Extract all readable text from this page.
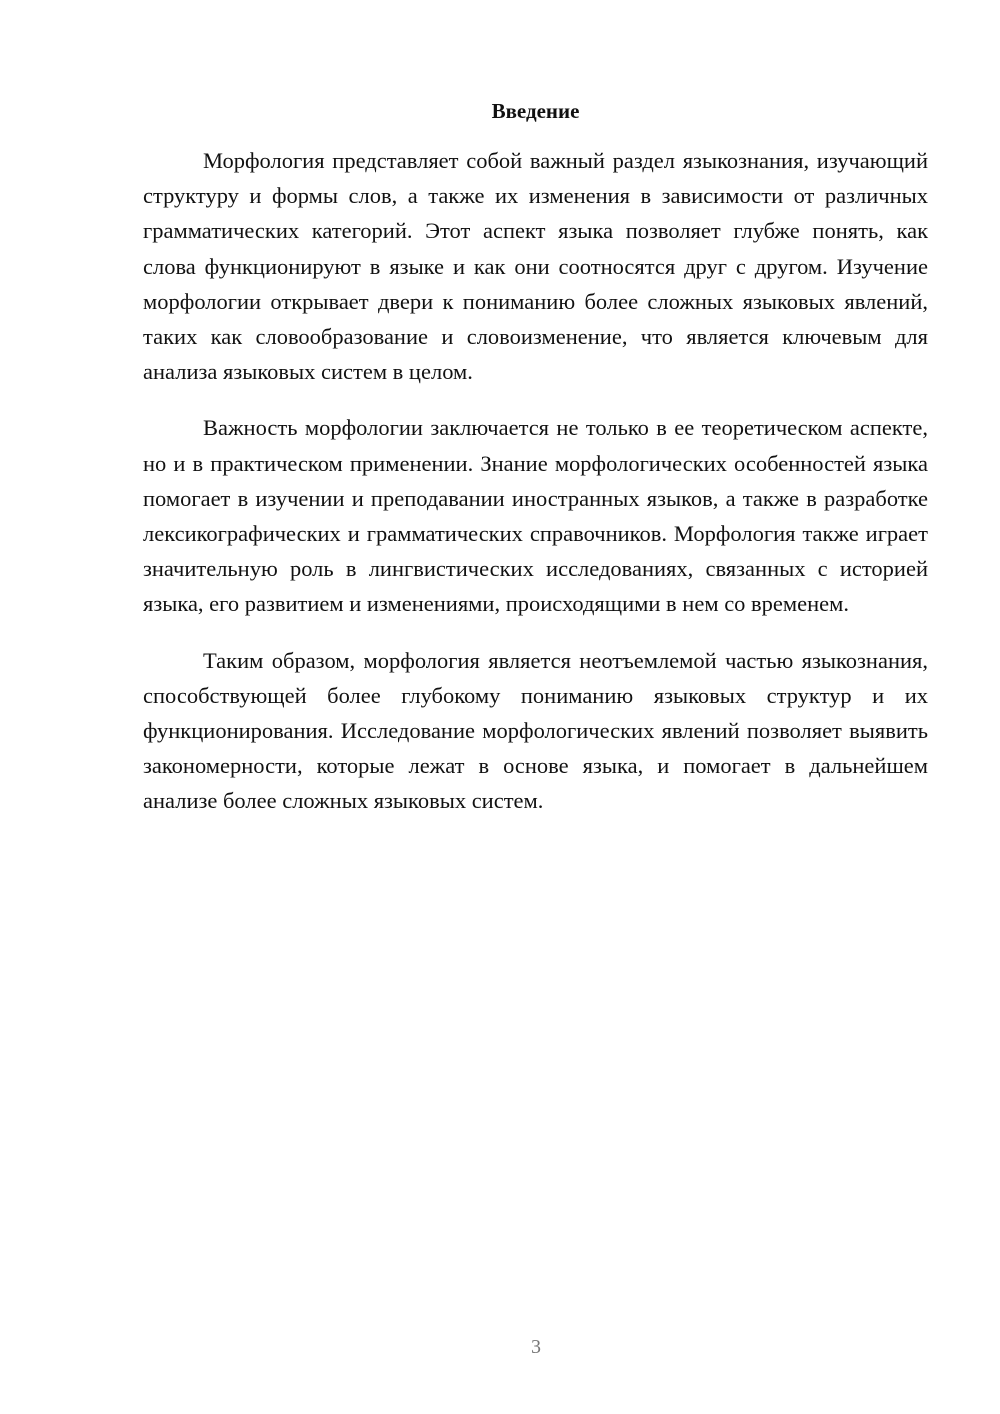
Введение

Морфология представляет собой важный раздел языкознания, изучающий структуру и формы слов, а также их изменения в зависимости от различных грамматических категорий. Этот аспект языка позволяет глубже понять, как слова функционируют в языке и как они соотносятся друг с другом. Изучение морфологии открывает двери к пониманию более сложных языковых явлений, таких как словообразование и словоизменение, что является ключевым для анализа языковых систем в целом.

Важность морфологии заключается не только в ее теоретическом аспекте, но и в практическом применении. Знание морфологических особенностей языка помогает в изучении и преподавании иностранных языков, а также в разработке лексикографических и грамматических справочников. Морфология также играет значительную роль в лингвистических исследованиях, связанных с историей языка, его развитием и изменениями, происходящими в нем со временем.

Таким образом, морфология является неотъемлемой частью языкознания, способствующей более глубокому пониманию языковых структур и их функционирования. Исследование морфологических явлений позволяет выявить закономерности, которые лежат в основе языка, и помогает в дальнейшем анализе более сложных языковых систем.

3
